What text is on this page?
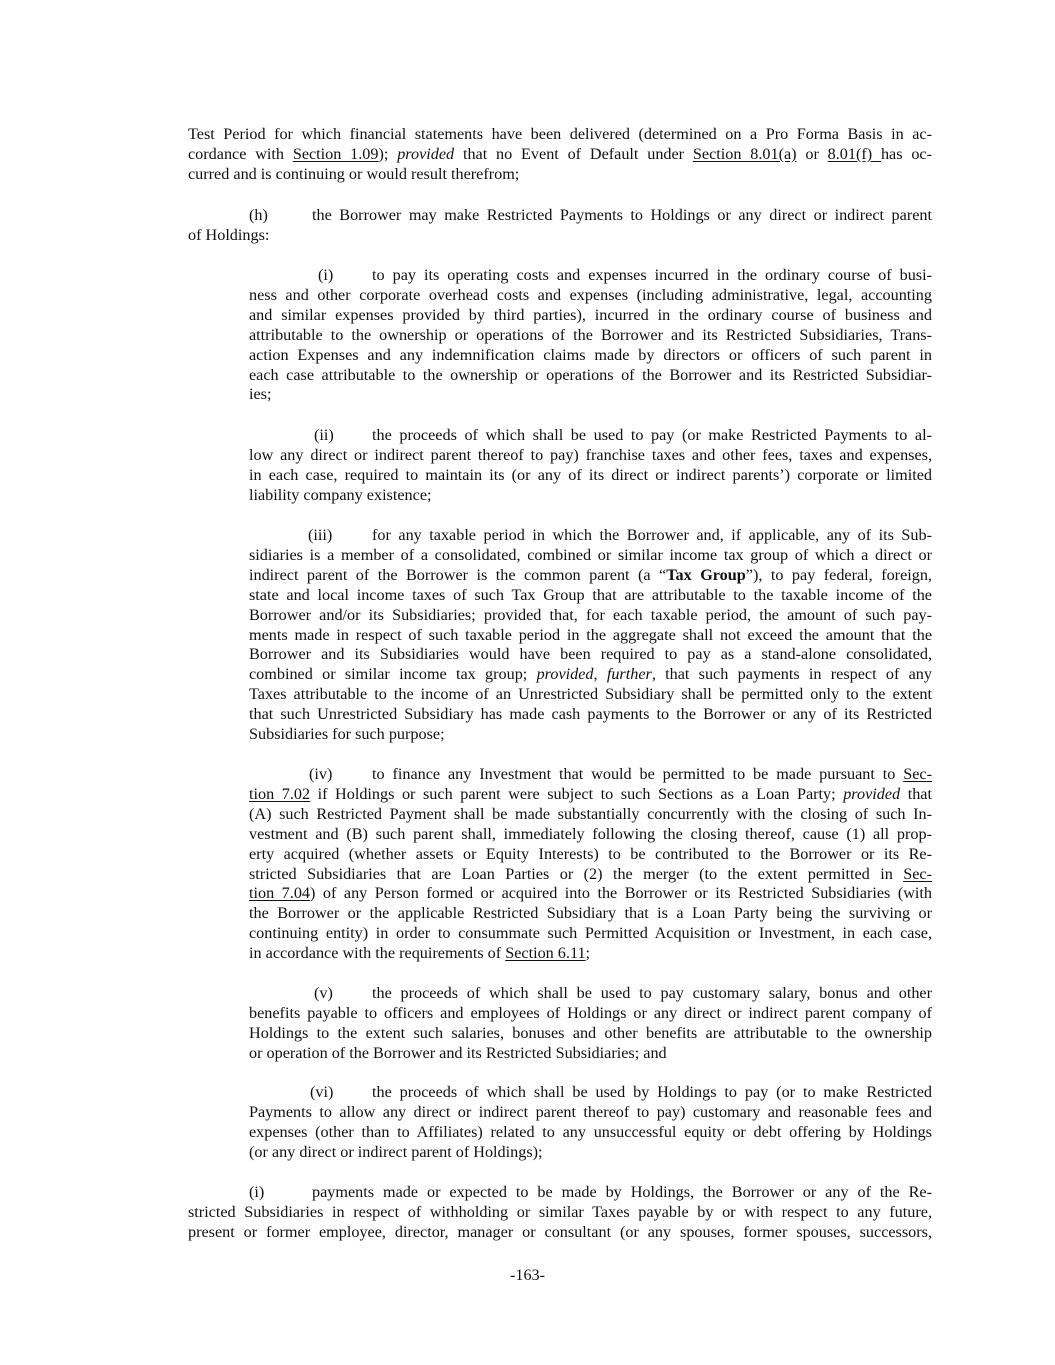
Test Period for which financial statements have been delivered (determined on a Pro Forma Basis in ac-
cordance with Section 1.09); provided that no Event of Default under Section 8.01(a) or 8.01(f) has oc-
curred and is continuing or would result therefrom;
(h)	the Borrower may make Restricted Payments to Holdings or any direct or indirect parent
of Holdings:
(i) to pay its operating costs and expenses incurred in the ordinary course of busi-
ness and other corporate overhead costs and expenses (including administrative, legal, accounting
and similar expenses provided by third parties), incurred in the ordinary course of business and
attributable to the ownership or operations of the Borrower and its Restricted Subsidiaries, Trans-
action Expenses and any indemnification claims made by directors or officers of such parent in
each case attributable to the ownership or operations of the Borrower and its Restricted Subsidiar-
ies;
(ii) the proceeds of which shall be used to pay (or make Restricted Payments to al-
low any direct or indirect parent thereof to pay) franchise taxes and other fees, taxes and expenses,
in each case, required to maintain its (or any of its direct or indirect parents’) corporate or limited
liability company existence;
(iii) for any taxable period in which the Borrower and, if applicable, any of its Sub-
sidiaries is a member of a consolidated, combined or similar income tax group of which a direct or
indirect parent of the Borrower is the common parent (a “Tax Group”), to pay federal, foreign,
state and local income taxes of such Tax Group that are attributable to the taxable income of the
Borrower and/or its Subsidiaries; provided that, for each taxable period, the amount of such pay-
ments made in respect of such taxable period in the aggregate shall not exceed the amount that the
Borrower and its Subsidiaries would have been required to pay as a stand-alone consolidated,
combined or similar income tax group; provided, further, that such payments in respect of any
Taxes attributable to the income of an Unrestricted Subsidiary shall be permitted only to the extent
that such Unrestricted Subsidiary has made cash payments to the Borrower or any of its Restricted
Subsidiaries for such purpose;
(iv) to finance any Investment that would be permitted to be made pursuant to Sec-
tion 7.02 if Holdings or such parent were subject to such Sections as a Loan Party; provided that
(A) such Restricted Payment shall be made substantially concurrently with the closing of such In-
vestment and (B) such parent shall, immediately following the closing thereof, cause (1) all prop-
erty acquired (whether assets or Equity Interests) to be contributed to the Borrower or its Re-
stricted Subsidiaries that are Loan Parties or (2) the merger (to the extent permitted in Sec-
tion 7.04) of any Person formed or acquired into the Borrower or its Restricted Subsidiaries (with
the Borrower or the applicable Restricted Subsidiary that is a Loan Party being the surviving or
continuing entity) in order to consummate such Permitted Acquisition or Investment, in each case,
in accordance with the requirements of Section 6.11;
(v) the proceeds of which shall be used to pay customary salary, bonus and other
benefits payable to officers and employees of Holdings or any direct or indirect parent company of
Holdings to the extent such salaries, bonuses and other benefits are attributable to the ownership
or operation of the Borrower and its Restricted Subsidiaries; and
(vi) the proceeds of which shall be used by Holdings to pay (or to make Restricted
Payments to allow any direct or indirect parent thereof to pay) customary and reasonable fees and
expenses (other than to Affiliates) related to any unsuccessful equity or debt offering by Holdings
(or any direct or indirect parent of Holdings);
(i)	payments made or expected to be made by Holdings, the Borrower or any of the Re-
stricted Subsidiaries in respect of withholding or similar Taxes payable by or with respect to any future,
present or former employee, director, manager or consultant (or any spouses, former spouses, successors,
-163-
